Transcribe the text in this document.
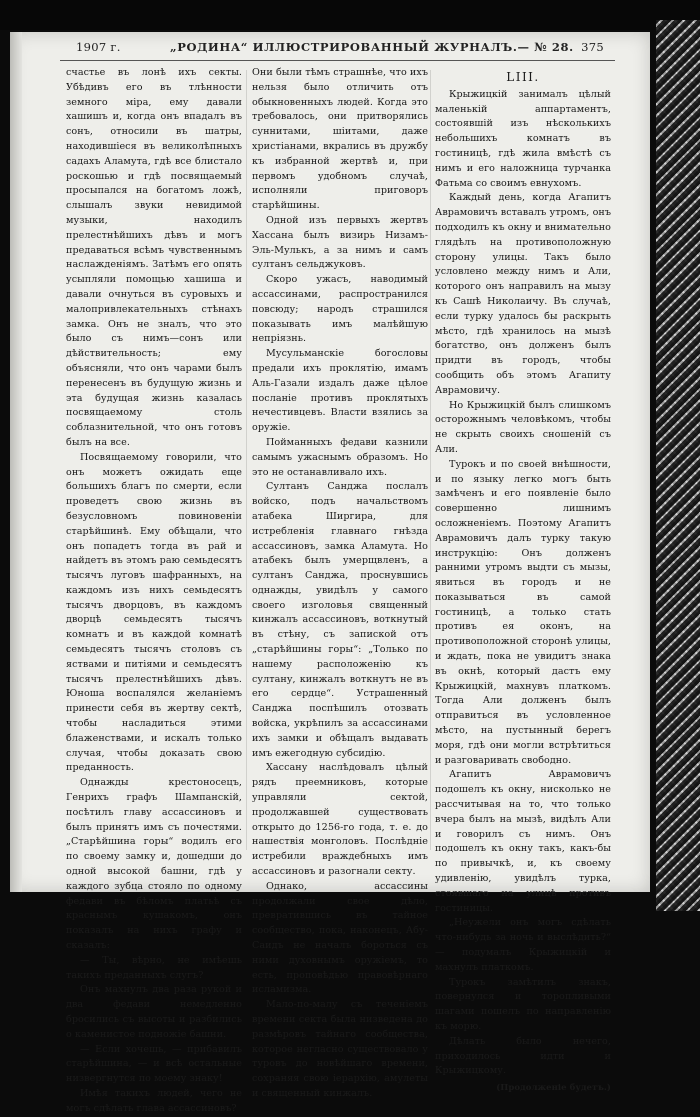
1907 г.	„РОДИНА“ ИЛЛЮСТРИРОВАННЫЙ ЖУРНАЛЪ.— № 28. 375

счастье въ лонѣ ихъ секты. Убѣдивъ его въ тлѣнности земного міра, ему давали хашишъ и, когда онъ впадалъ въ сонъ, относили въ шатры, находившіеся въ великолѣпныхъ садахъ Аламута, гдѣ все блистало роскошью и гдѣ посвящаемый просыпался на богатомъ ложѣ, слышалъ звуки невидимой музыки, находилъ прелестнѣйшихъ дѣвъ и могъ предаваться всѣмъ чувственнымъ наслажденіямъ. Затѣмъ его опять усыпляли помощью хашиша и давали очнуться въ суровыхъ и малопривлекательныхъ стѣнахъ замка. Онъ не зналъ, что это было съ нимъ—сонъ или дѣйствительность; ему объясняли, что онъ чарами былъ перенесенъ въ будущую жизнь и эта будущая жизнь казалась посвящаемому столь соблазнительной, что онъ готовъ былъ на все.

Посвящаемому говорили, что онъ можетъ ожидать еще большихъ благъ по смерти, если проведетъ свою жизнь въ безусловномъ повиновеніи старѣйшинѣ. Ему обѣщали, что онъ попадетъ тогда въ рай и найдетъ въ этомъ раю семьдесятъ тысячъ луговъ шафранныхъ, на каждомъ изъ нихъ семьдесятъ тысячъ дворцовъ, въ каждомъ дворцѣ семьдесятъ тысячъ комнатъ и въ каждой комнатѣ семьдесятъ тысячъ столовъ съ яствами и питіями и семьдесятъ тысячъ прелестнѣйшихъ дѣвъ. Юноша воспалялся желаніемъ принести себя въ жертву сектѣ, чтобы насладиться этими блаженствами, и искалъ только случая, чтобы доказать свою преданность.

Однажды крестоносецъ, Генрихъ графъ Шампанскій, посѣтилъ главу ассассиновъ и былъ принятъ имъ съ почестями. „Старѣйшина горы“ водилъ его по своему замку и, дошедши до одной высокой башни, гдѣ у каждого зубца стояло по одному федави въ бѣломъ платьѣ съ краснымъ кушакомъ, онъ показалъ на нихъ графу и сказалъ:

— Ты, вѣрно, не имѣешь такихъ преданныхъ слугъ?

Онъ махнулъ два раза рукой и два федави немедленно бросились съ высоты и разбились о каменистое подножіе башни.

— Если хочешь, — прибавилъ старѣйшина, — и всѣ остальные низвергнутся по моему знаку!

Имѣя такихъ людей, чего не могъ сдѣлать глава ассассиновъ?

Они были тѣмъ страшнѣе, что ихъ нельзя было отличить отъ обыкновенныхъ людей. Когда это требовалось, они притворялись суннитами, шіитами, даже христіанами, вкрались въ дружбу къ избранной жертвѣ и, при первомъ удобномъ случаѣ, исполняли приговоръ старѣйшины.

Одной изъ первыхъ жертвъ Хассана былъ визирь Низамъ-Эль-Мулькъ, а за нимъ и самъ султанъ сельджуковъ.

Скоро ужасъ, наводимый ассассинами, распространился повсюду; народъ страшился показывать имъ малѣйшую непріязнь.

Мусульманскіе богословы предали ихъ проклятію, имамъ Аль-Газали издалъ даже цѣлое посланіе противъ проклятыхъ нечестивцевъ. Власти взялись за оружіе.

Пойманныхъ федави казнили самымъ ужаснымъ образомъ. Но это не останавливало ихъ.

Султанъ Санджа послалъ войско, подъ начальствомъ атабека Ширгира, для истребленія главнаго гнѣзда ассассиновъ, замка Аламута. Но атабекъ былъ умерщвленъ, а султанъ Санджа, проснувшись однажды, увидѣлъ у самого своего изголовья священный кинжалъ ассассиновъ, воткнутый въ стѣну, съ запиской отъ „старѣйшины горы“: „Только по нашему расположенію къ султану, кинжалъ воткнутъ не въ его сердце“. Устрашенный Санджа поспѣшилъ отозвать войска, укрѣпилъ за ассассинами ихъ замки и обѣщалъ выдавать имъ ежегодную субсидію.

Хассану наслѣдовалъ цѣлый рядъ преемниковъ, которые управляли сектой, продолжавшей существовать открыто до 1256-го года, т. е. до нашествія монголовъ. Послѣдніе истребили враждебныхъ имъ ассассиновъ и разогнали секту.

Однако, ассассины продолжали свое дѣло, превратившись въ тайное сообщество, пока, наконецъ, Абу-Саидъ не началъ бороться съ ними духовнымъ оружіемъ, то есть, проповѣдью правовѣрнаго исламизма.

Мало-по-малу съ теченіемъ времени секта была низведена до размѣровъ тайнаго сообщества, которое негласно существовало у туровъ до новѣйшаго времени, сохраняя свою іерархію, амулеты и священный кинжалъ.

LIII.

Крыжицкій занималъ цѣлый маленькій аппартаментъ, состоявшій изъ нѣсколькихъ небольшихъ комнатъ въ гостиницѣ, гдѣ жила вмѣстѣ съ нимъ и его наложница турчанка Фатьма со своимъ евнухомъ.

Каждый день, когда Агапитъ Аврамовичъ вставалъ утромъ, онъ подходилъ къ окну и внимательно глядѣлъ на противоположную сторону улицы. Такъ было условлено между нимъ и Али, которого онъ направилъ на мызу къ Сашѣ Николаичу. Въ случаѣ, если турку удалось бы раскрыть мѣсто, гдѣ хранилось на мызѣ богатство, онъ долженъ былъ придти въ городъ, чтобы сообщить объ этомъ Агапиту Аврамовичу.

Но Крыжицкій былъ слишкомъ осторожнымъ человѣкомъ, чтобы не скрыть своихъ сношеній съ Али.

Турокъ и по своей внѣшности, и по языку легко могъ быть замѣченъ и его появленіе было совершенно лишнимъ осложненіемъ. Поэтому Агапитъ Аврамовичъ далъ турку такую инструкцію: Онъ долженъ ранними утромъ выдти съ мызы, явиться въ городъ и не показываться въ самой гостиницѣ, а только стать противъ ея оконъ, на противоположной сторонѣ улицы, и ждать, пока не увидитъ знака въ окнѣ, который дастъ ему Крыжицкій, махнувъ платкомъ. Тогда Али долженъ былъ отправиться въ условленное мѣсто, на пустынный берегъ моря, гдѣ они могли встрѣтиться и разговаривать свободно.

Агапитъ Аврамовичъ подошелъ къ окну, нисколько не рассчитывая на то, что только вчера былъ на мызѣ, видѣлъ Али и говорилъ съ нимъ. Онъ подошелъ къ окну такъ, какъ-бы по привычкѣ, и, къ своему удивленію, увидѣлъ турка, стоявшаго на улицѣ противъ гостиницы.

„Неужели онъ могъ сдѣлать что-нибудь за ночь и выслѣдить?“ — подумалъ Крыжицкій и махнулъ платкомъ.

Турокъ замѣтилъ знакъ, повернулся и торопливыми шагами пошелъ по направленію къ морю.

Дѣлать было нечего, приходилось идти и Крыжицкому.

(Продолженіе будетъ.)
